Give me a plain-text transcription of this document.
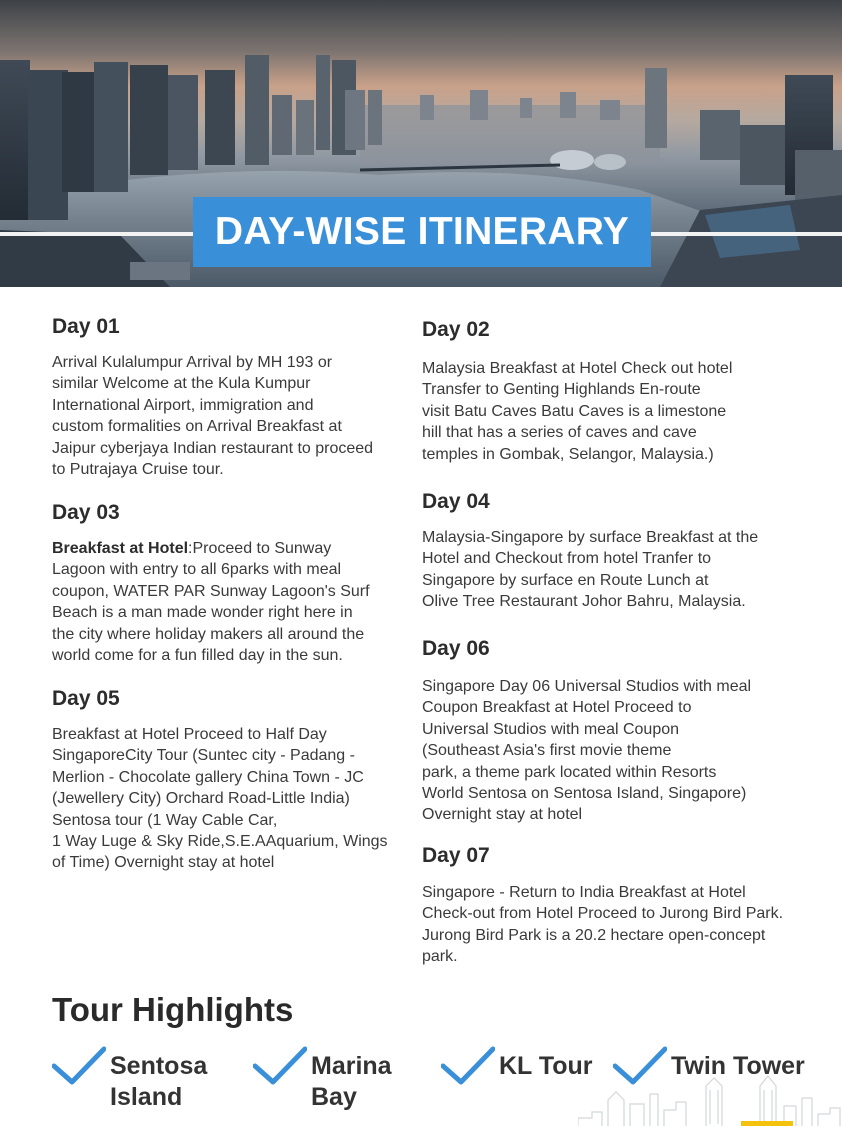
DAY-WISE ITINERARY
Day 01

Arrival Kulalumpur Arrival by MH 193 or
similar Welcome at the Kula Kumpur
International Airport, immigration and
custom formalities on Arrival Breakfast at
Jaipur cyberjaya Indian restaurant to proceed
to Putrajaya Cruise tour.

Day 03

Breakfast at Hotel:Proceed to Sunway
Lagoon with entry to all 6parks with meal
coupon, WATER PAR Sunway Lagoon's Surf
Beach is a man made wonder right here in
the city where holiday makers all around the
world come for a fun filled day in the sun.

Day 05

Breakfast at Hotel Proceed to Half Day
SingaporeCity Tour (Suntec city - Padang -
Merlion - Chocolate gallery China Town - JC
(Jewellery City) Orchard Road-Little India)
Sentosa tour (1 Way Cable Car,
1 Way Luge & Sky Ride,S.E.AAquarium, Wings
of Time) Overnight stay at hotel

Day 02

Malaysia Breakfast at Hotel Check out hotel
Transfer to Genting Highlands En-route
visit Batu Caves Batu Caves is a limestone
hill that has a series of caves and cave
temples in Gombak, Selangor, Malaysia.)

Day 04

Malaysia-Singapore by surface Breakfast at the
Hotel and Checkout from hotel Tranfer to
Singapore by surface en Route Lunch at
Olive Tree Restaurant Johor Bahru, Malaysia.

Day 06

Singapore Day 06 Universal Studios with meal
Coupon Breakfast at Hotel Proceed to
Universal Studios with meal Coupon
(Southeast Asia's first movie theme
park, a theme park located within Resorts
World Sentosa on Sentosa Island, Singapore)
Overnight stay at hotel

Day 07

Singapore - Return to India Breakfast at Hotel
Check-out from Hotel Proceed to Jurong Bird Park.
Jurong Bird Park is a 20.2 hectare open-concept
park.

Tour Highlights
Sentosa
Island
Marina
Bay
KL Tour	Twin Tower
